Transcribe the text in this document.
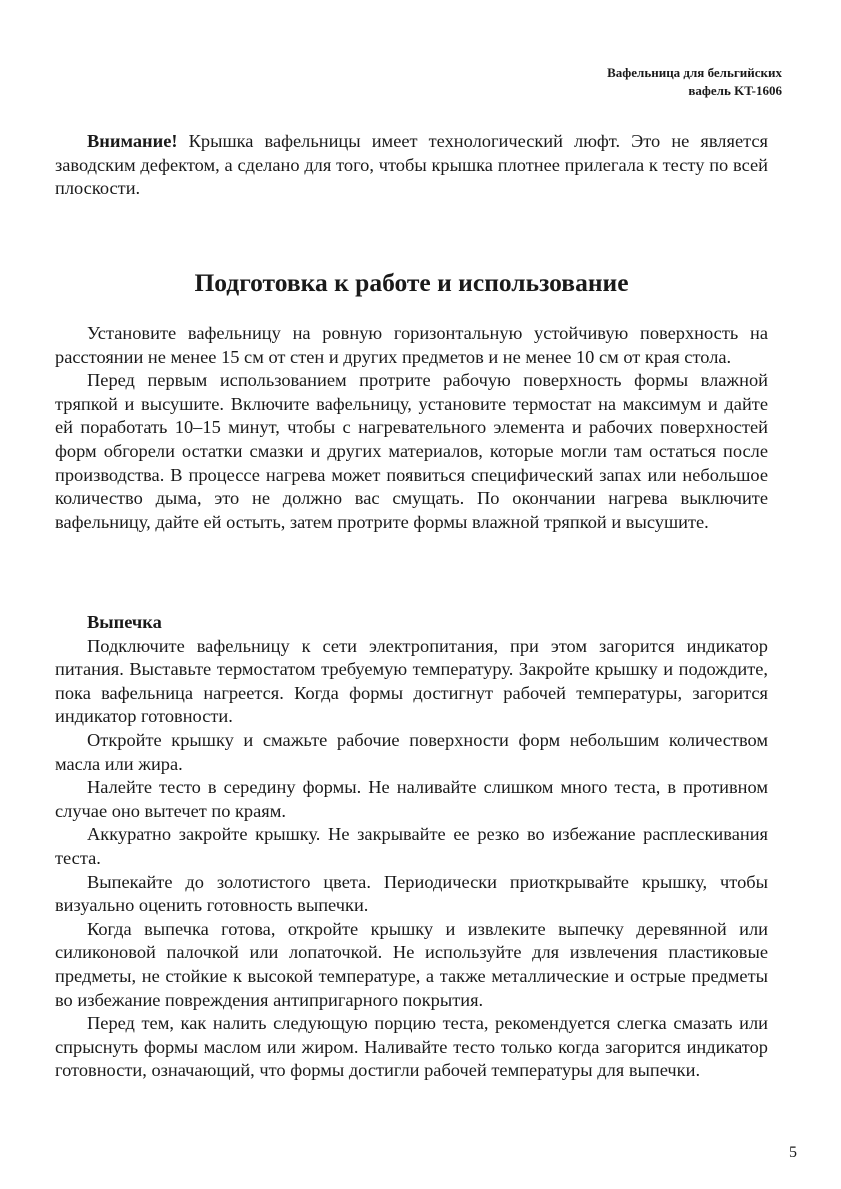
Вафельница для бельгийских
вафель KT-1606

Внимание! Крышка вафельницы имеет технологический люфт. Это не является заводским дефектом, а сделано для того, чтобы крышка плотнее прилегала к тесту по всей плоскости.

Подготовка к работе и использование

Установите вафельницу на ровную горизонтальную устойчивую поверхность на расстоянии не менее 15 см от стен и других предметов и не менее 10 см от края стола.

Перед первым использованием протрите рабочую поверхность формы влажной тряпкой и высушите. Включите вафельницу, установите термостат на максимум и дайте ей поработать 10–15 минут, чтобы с нагревательного элемента и рабочих поверхностей форм обгорели остатки смазки и других материалов, которые могли там остаться после производства. В процессе нагрева может появиться специфический запах или небольшое количество дыма, это не должно вас смущать. По окончании нагрева выключите вафельницу, дайте ей остыть, затем протрите формы влажной тряпкой и высушите.

Выпечка

Подключите вафельницу к сети электропитания, при этом загорится индикатор питания. Выставьте термостатом требуемую температуру. Закройте крышку и подождите, пока вафельница нагреется. Когда формы достигнут рабочей температуры, загорится индикатор готовности.

Откройте крышку и смажьте рабочие поверхности форм небольшим количеством масла или жира.

Налейте тесто в середину формы. Не наливайте слишком много теста, в противном случае оно вытечет по краям.

Аккуратно закройте крышку. Не закрывайте ее резко во избежание расплескивания теста.

Выпекайте до золотистого цвета. Периодически приоткрывайте крышку, чтобы визуально оценить готовность выпечки.

Когда выпечка готова, откройте крышку и извлеките выпечку деревянной или силиконовой палочкой или лопаточкой. Не используйте для извлечения пластиковые предметы, не стойкие к высокой температуре, а также металлические и острые предметы во избежание повреждения антипригарного покрытия.

Перед тем, как налить следующую порцию теста, рекомендуется слегка смазать или спрыснуть формы маслом или жиром. Наливайте тесто только когда загорится индикатор готовности, означающий, что формы достигли рабочей температуры для выпечки.

5
